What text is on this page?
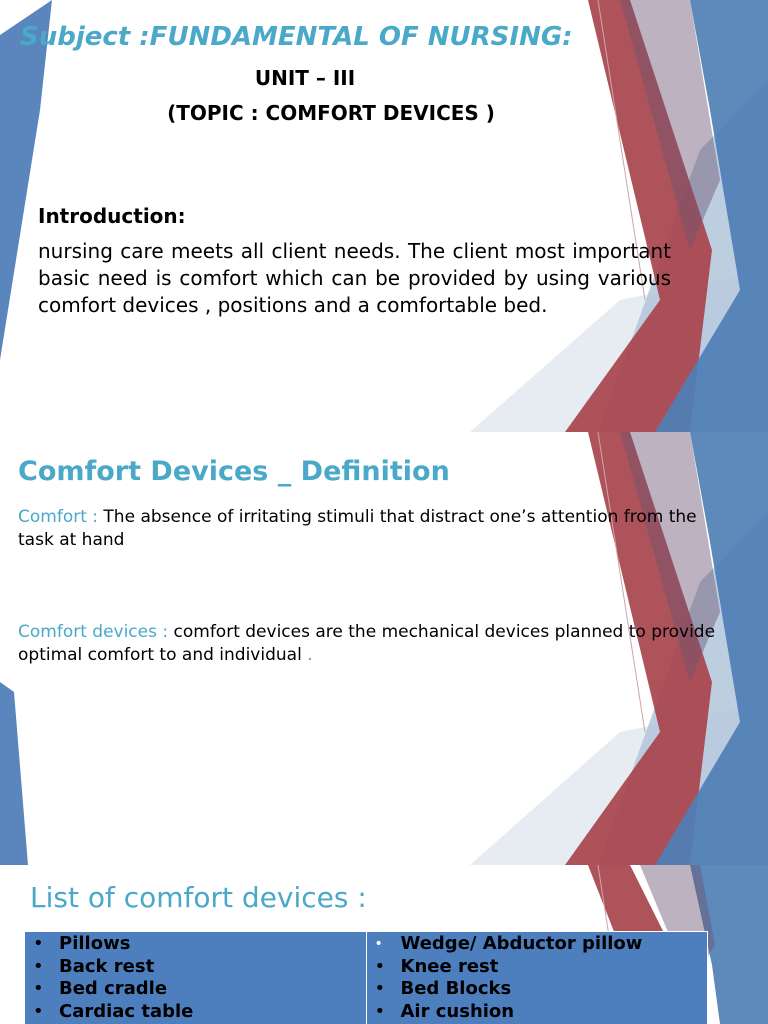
Subject :FUNDAMENTAL OF NURSING:
UNIT – III
(TOPIC : COMFORT DEVICES )
Introduction:

nursing care meets all client needs. The client most important basic need is comfort which can be provided by using various comfort devices , positions and a comfortable bed.

Comfort Devices _ Definition

Comfort : The absence of irritating stimuli that distract one’s attention from the task at hand

Comfort devices : comfort devices are the mechanical devices planned to provide optimal comfort to and individual .

List of comfort devices :
• Pillows
• Back rest
• Bed cradle
• Cardiac table

• Wedge/ Abductor pillow
• Knee rest
• Bed Blocks
• Air cushion
